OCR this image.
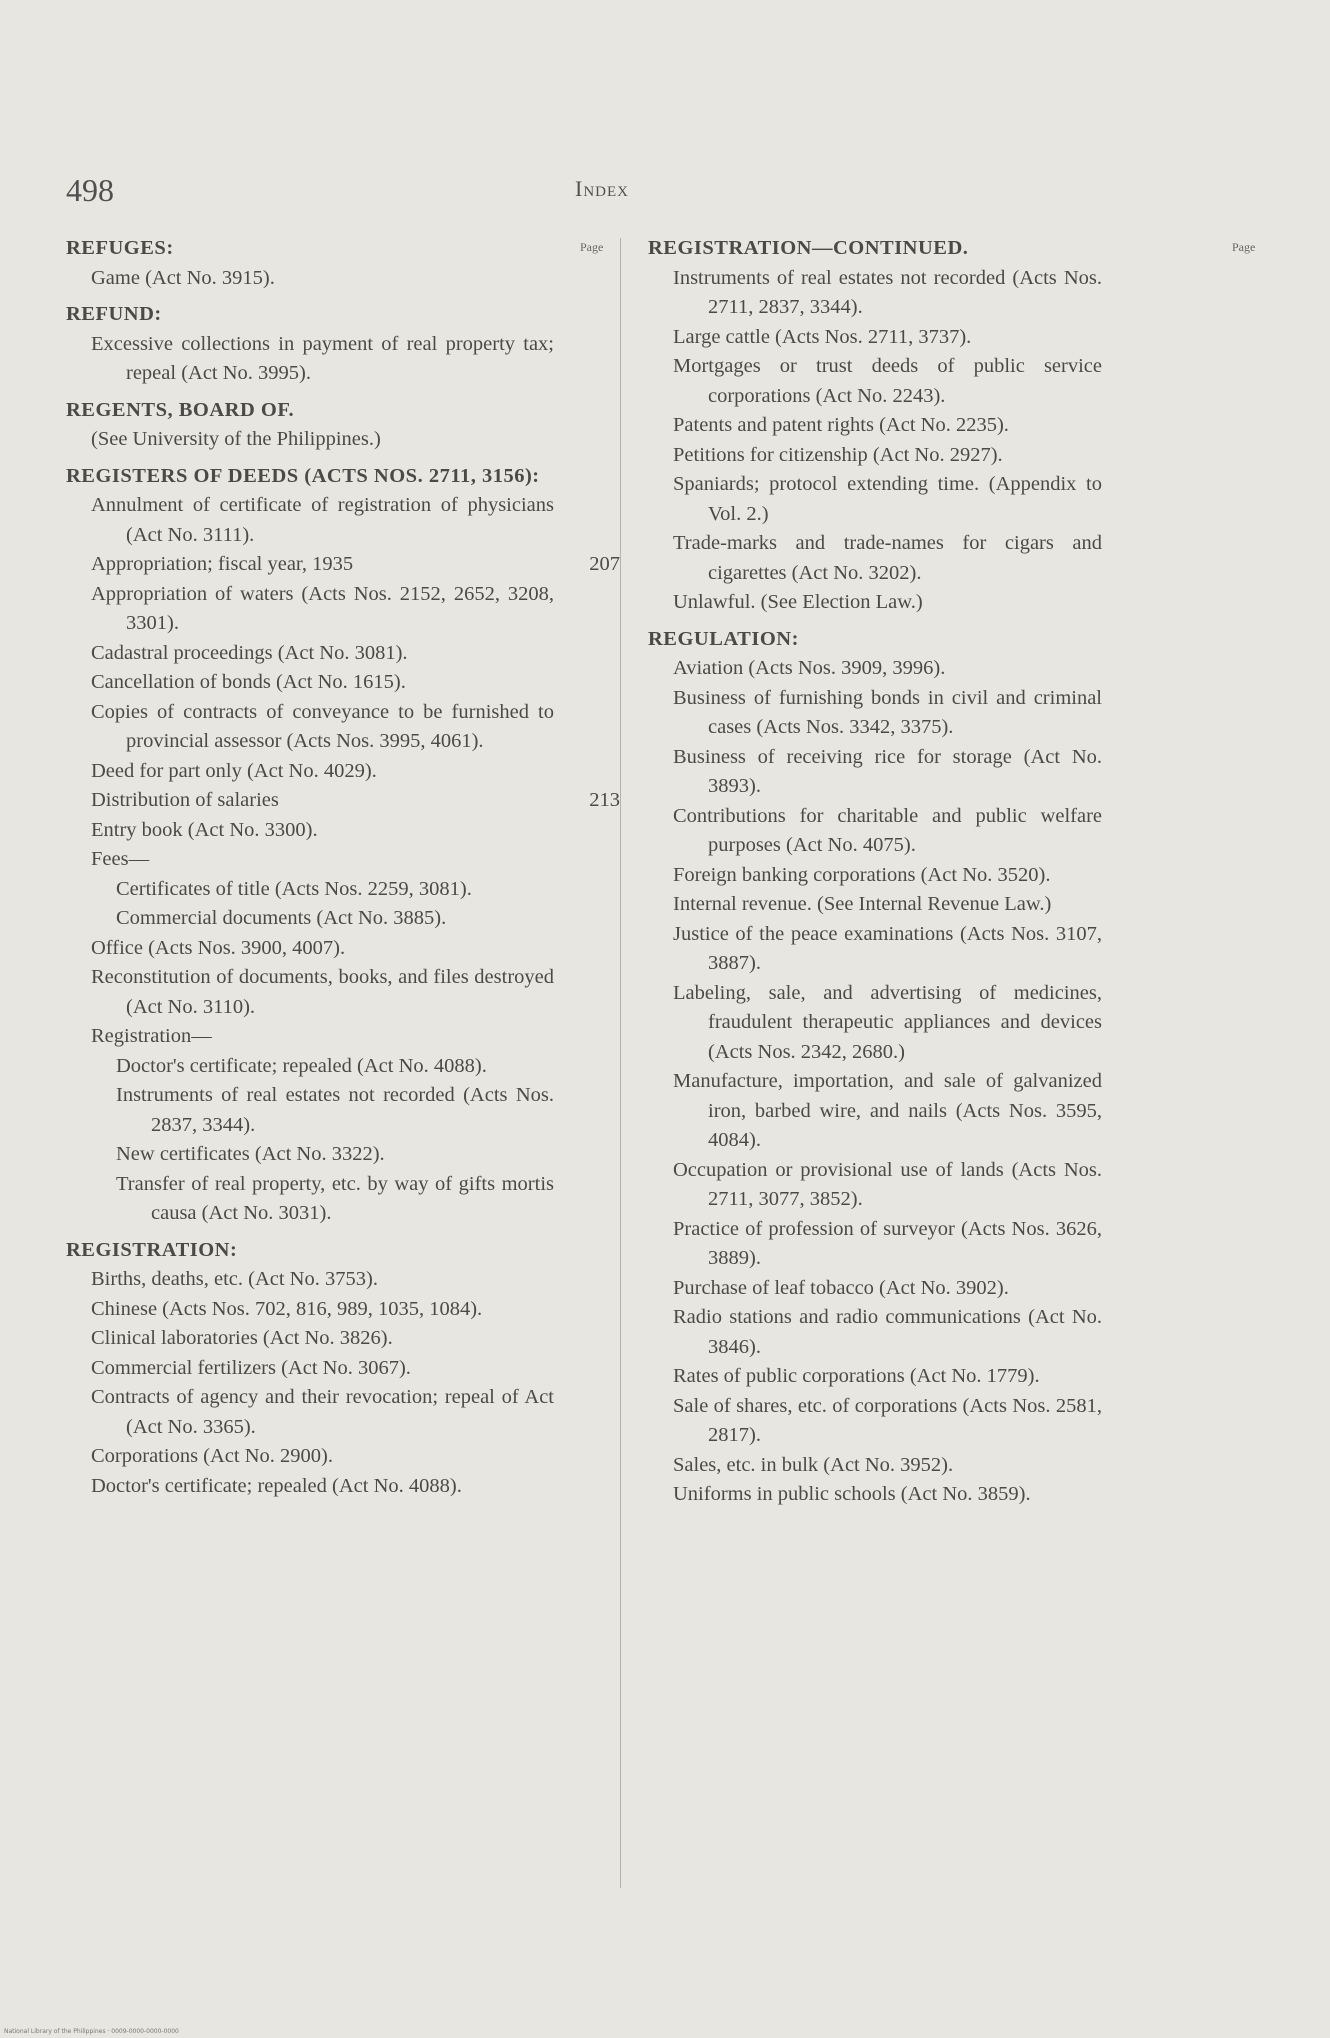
498	Index
Page	Page
REFUGES:
Game (Act No. 3915).
REFUND:
Excessive collections in payment of real property tax; repeal (Act No. 3995).
REGENTS, BOARD OF.
(See University of the Philippines.)
REGISTERS OF DEEDS (ACTS NOS. 2711, 3156):
Annulment of certificate of registration of physicians (Act No. 3111).
Appropriation; fiscal year, 1935	207
Appropriation of waters (Acts Nos. 2152, 2652, 3208, 3301).
Cadastral proceedings (Act No. 3081).
Cancellation of bonds (Act No. 1615).
Copies of contracts of conveyance to be furnished to provincial assessor (Acts Nos. 3995, 4061).
Deed for part only (Act No. 4029).
Distribution of salaries	213
Entry book (Act No. 3300).
Fees—
Certificates of title (Acts Nos. 2259, 3081).
Commercial documents (Act No. 3885).
Office (Acts Nos. 3900, 4007).
Reconstitution of documents, books, and files destroyed (Act No. 3110).
Registration—
Doctor's certificate; repealed (Act No. 4088).
Instruments of real estates not recorded (Acts Nos. 2837, 3344).
New certificates (Act No. 3322).
Transfer of real property, etc. by way of gifts mortis causa (Act No. 3031).
REGISTRATION:
Births, deaths, etc. (Act No. 3753).
Chinese (Acts Nos. 702, 816, 989, 1035, 1084).
Clinical laboratories (Act No. 3826).
Commercial fertilizers (Act No. 3067).
Contracts of agency and their revocation; repeal of Act (Act No. 3365).
Corporations (Act No. 2900).
Doctor's certificate; repealed (Act No. 4088).
REGISTRATION—CONTINUED.
Instruments of real estates not recorded (Acts Nos. 2711, 2837, 3344).
Large cattle (Acts Nos. 2711, 3737).
Mortgages or trust deeds of public service corporations (Act No. 2243).
Patents and patent rights (Act No. 2235).
Petitions for citizenship (Act No. 2927).
Spaniards; protocol extending time. (Appendix to Vol. 2.)
Trade-marks and trade-names for cigars and cigarettes (Act No. 3202).
Unlawful. (See Election Law.)
REGULATION:
Aviation (Acts Nos. 3909, 3996).
Business of furnishing bonds in civil and criminal cases (Acts Nos. 3342, 3375).
Business of receiving rice for storage (Act No. 3893).
Contributions for charitable and public welfare purposes (Act No. 4075).
Foreign banking corporations (Act No. 3520).
Internal revenue. (See Internal Revenue Law.)
Justice of the peace examinations (Acts Nos. 3107, 3887).
Labeling, sale, and advertising of medicines, fraudulent therapeutic appliances and devices (Acts Nos. 2342, 2680.)
Manufacture, importation, and sale of galvanized iron, barbed wire, and nails (Acts Nos. 3595, 4084).
Occupation or provisional use of lands (Acts Nos. 2711, 3077, 3852).
Practice of profession of surveyor (Acts Nos. 3626, 3889).
Purchase of leaf tobacco (Act No. 3902).
Radio stations and radio communications (Act No. 3846).
Rates of public corporations (Act No. 1779).
Sale of shares, etc. of corporations (Acts Nos. 2581, 2817).
Sales, etc. in bulk (Act No. 3952).
Uniforms in public schools (Act No. 3859).
National Library of the Philippines · 0009-0000-0000-0000
